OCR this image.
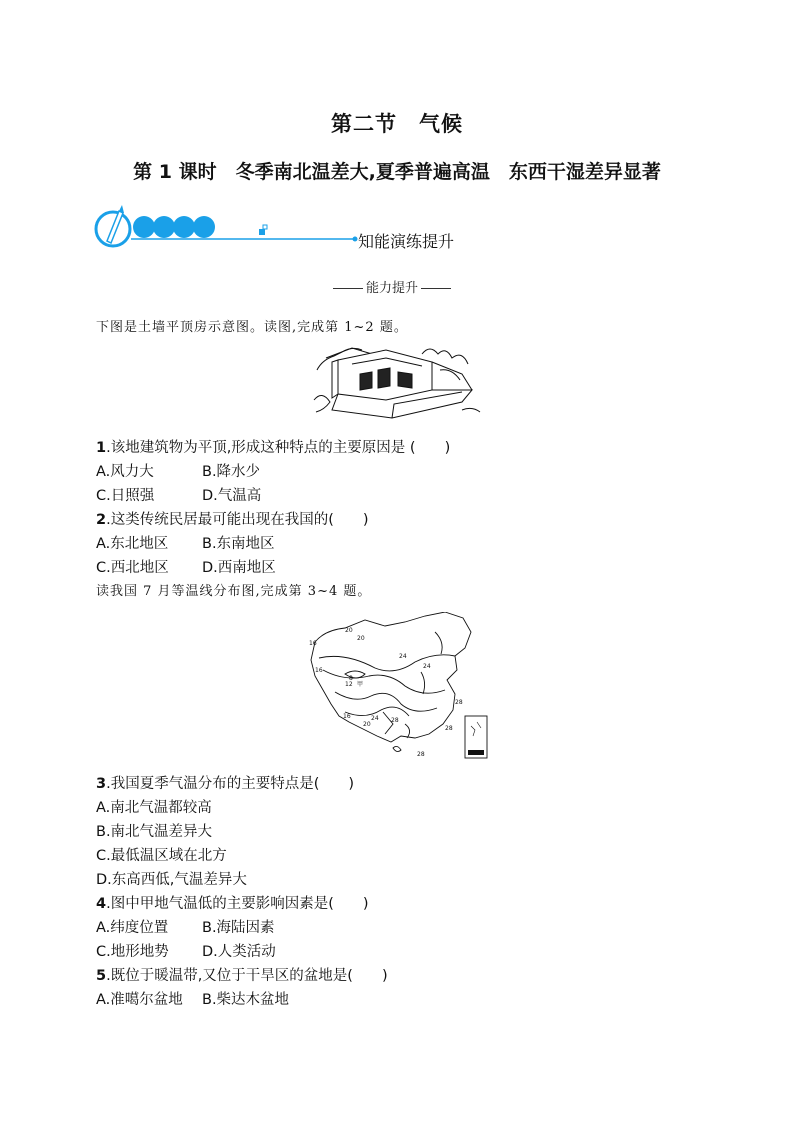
第二节　气候
第 1 课时　冬季南北温差大,夏季普遍高温　东西干湿差异显著
知能演练提升
能力提升
下图是土墙平顶房示意图。读图,完成第 1~2 题。
1.该地建筑物为平顶,形成这种特点的主要原因是 (　　)
A.风力大	B.降水少
C.日照强	D.气温高
2.这类传统民居最可能出现在我国的(　　)
A.东北地区 B.东南地区
C.西北地区 D.西南地区
读我国 7 月等温线分布图,完成第 3~4 题。
16
20
24
20
24
28
16
12
8
20
28
28
28
24
16
甲
3.我国夏季气温分布的主要特点是(　　)
A.南北气温都较高
B.南北气温差异大
C.最低温区域在北方
D.东高西低,气温差异大
4.图中甲地气温低的主要影响因素是(　　)
A.纬度位置 B.海陆因素
C.地形地势 D.人类活动
5.既位于暖温带,又位于干旱区的盆地是(　　)
A.准噶尔盆地 B.柴达木盆地
